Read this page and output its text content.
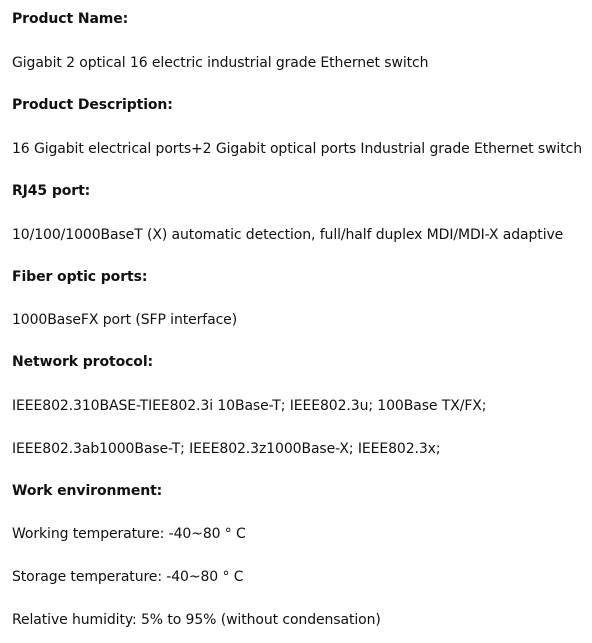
Product Name:
Gigabit 2 optical 16 electric industrial grade Ethernet switch
Product Description:
16 Gigabit electrical ports+2 Gigabit optical ports Industrial grade Ethernet switch
RJ45 port:
10/100/1000BaseT (X) automatic detection, full/half duplex MDI/MDI-X adaptive
Fiber optic ports:
1000BaseFX port (SFP interface)
Network protocol:
IEEE802.310BASE-TIEE802.3i 10Base-T; IEEE802.3u; 100Base TX/FX;
IEEE802.3ab1000Base-T; IEEE802.3z1000Base-X; IEEE802.3x;
Work environment:
Working temperature: -40~80 ° C
Storage temperature: -40~80 ° C
Relative humidity: 5% to 95% (without condensation)
